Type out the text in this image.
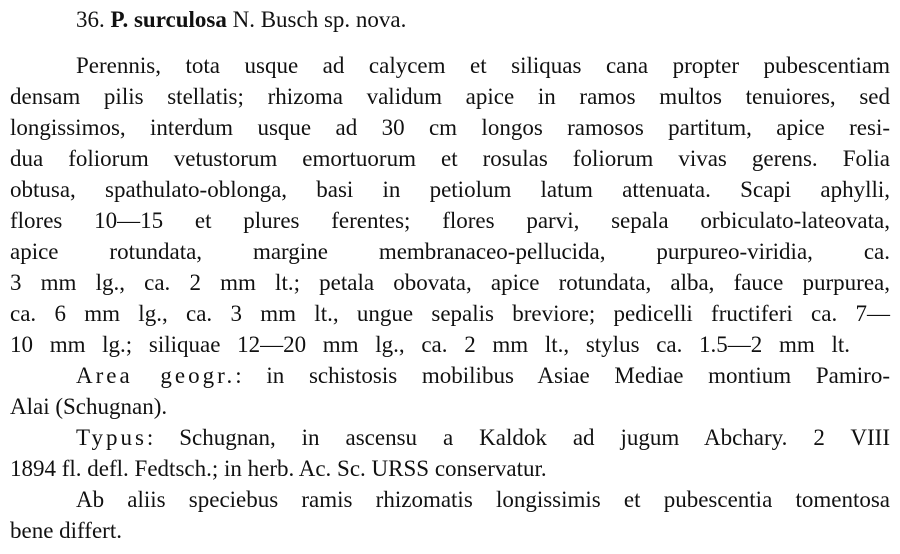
36. P. surculosa N. Busch sp. nova.
Perennis, tota usque ad calycem et siliquas cana propter pubescentiam
densam pilis stellatis; rhizoma validum apice in ramos multos tenuiores, sed
longissimos, interdum usque ad 30 cm longos ramosos partitum, apice resi-
dua foliorum vetustorum emortuorum et rosulas foliorum vivas gerens. Folia
obtusa, spathulato-oblonga, basi in petiolum latum attenuata. Scapi aphylli,
flores 10—15 et plures ferentes; flores parvi, sepala orbiculato-lateovata,
apice rotundata, margine membranaceo-pellucida, purpureo-viridia, ca.
3 mm lg., ca. 2 mm lt.; petala obovata, apice rotundata, alba, fauce purpurea,
ca. 6 mm lg., ca. 3 mm lt., ungue sepalis breviore; pedicelli fructiferi ca. 7—
10 mm lg.; siliquae 12—20 mm lg., ca. 2 mm lt., stylus ca. 1.5—2 mm lt.
Area geogr.: in schistosis mobilibus Asiae Mediae montium Pamiro-
Alai (Schugnan).
Typus: Schugnan, in ascensu a Kaldok ad jugum Abchary. 2 VIII
1894 fl. defl. Fedtsch.; in herb. Ac. Sc. URSS conservatur.
Ab aliis speciebus ramis rhizomatis longissimis et pubescentia tomentosa
bene differt.
